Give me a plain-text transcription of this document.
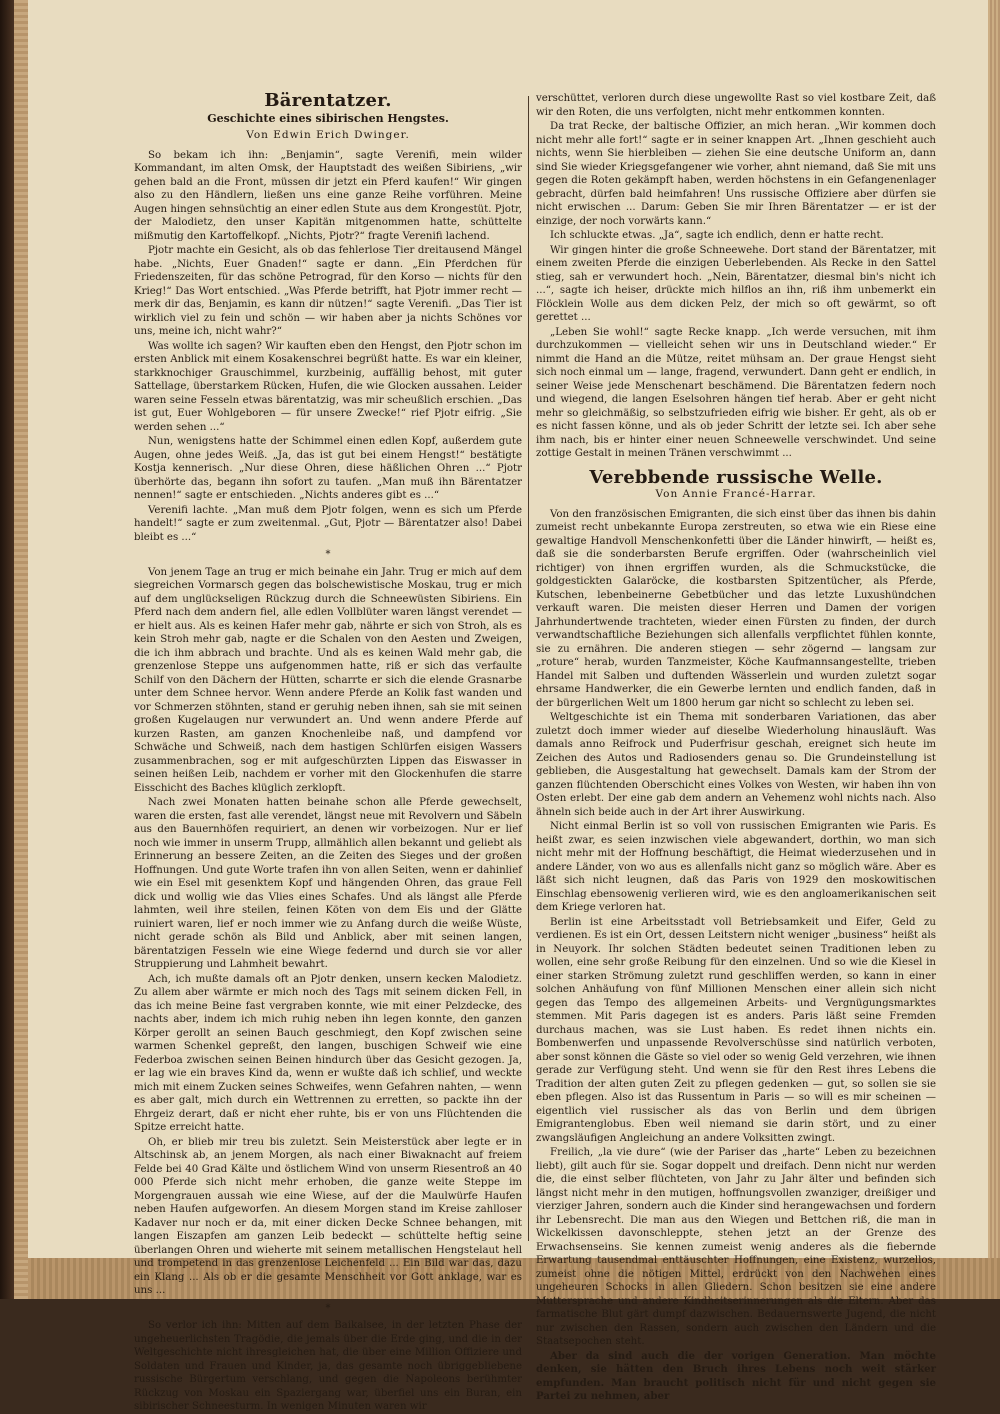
Bärentatzer.
Geschichte eines sibirischen Hengstes.
Von Edwin Erich Dwinger.

So bekam ich ihn: „Benjamin“, sagte Verenifi, mein wilder Kommandant, im alten Omsk, der Hauptstadt des weißen Sibiriens, „wir gehen bald an die Front, müssen dir jetzt ein Pferd kaufen!“ Wir gingen also zu den Händlern, ließen uns eine ganze Reihe vorführen. Meine Augen hingen sehnsüchtig an einer edlen Stute aus dem Krongestüt. Pjotr, der Malodietz, den unser Kapitän mitgenommen hatte, schüttelte mißmutig den Kartoffelkopf. „Nichts, Pjotr?“ fragte Verenifi lachend.

Pjotr machte ein Gesicht, als ob das fehlerlose Tier dreitausend Mängel habe. „Nichts, Euer Gnaden!“ sagte er dann. „Ein Pferdchen für Friedenszeiten, für das schöne Petrograd, für den Korso — nichts für den Krieg!“ Das Wort entschied. „Was Pferde betrifft, hat Pjotr immer recht — merk dir das, Benjamin, es kann dir nützen!“ sagte Verenifi. „Das Tier ist wirklich viel zu fein und schön — wir haben aber ja nichts Schönes vor uns, meine ich, nicht wahr?“

Was wollte ich sagen? Wir kauften eben den Hengst, den Pjotr schon im ersten Anblick mit einem Kosakenschrei begrüßt hatte. Es war ein kleiner, starkknochiger Grauschimmel, kurzbeinig, auffällig behost, mit guter Sattellage, überstarkem Rücken, Hufen, die wie Glocken aussahen. Leider waren seine Fesseln etwas bärentatzig, was mir scheußlich erschien. „Das ist gut, Euer Wohlgeboren — für unsere Zwecke!“ rief Pjotr eifrig. „Sie werden sehen ...“

Nun, wenigstens hatte der Schimmel einen edlen Kopf, außerdem gute Augen, ohne jedes Weiß. „Ja, das ist gut bei einem Hengst!“ bestätigte Kostja kennerisch. „Nur diese Ohren, diese häßlichen Ohren ...“ Pjotr überhörte das, begann ihn sofort zu taufen. „Man muß ihn Bärentatzer nennen!“ sagte er entschieden. „Nichts anderes gibt es ...“

Verenifi lachte. „Man muß dem Pjotr folgen, wenn es sich um Pferde handelt!“ sagte er zum zweitenmal. „Gut, Pjotr — Bärentatzer also! Dabei bleibt es ...“

*

Von jenem Tage an trug er mich beinahe ein Jahr. Trug er mich auf dem siegreichen Vormarsch gegen das bolschewistische Moskau, trug er mich auf dem unglückseligen Rückzug durch die Schneewüsten Sibiriens. Ein Pferd nach dem andern fiel, alle edlen Vollblüter waren längst verendet — er hielt aus. Als es keinen Hafer mehr gab, nährte er sich von Stroh, als es kein Stroh mehr gab, nagte er die Schalen von den Aesten und Zweigen, die ich ihm abbrach und brachte. Und als es keinen Wald mehr gab, die grenzenlose Steppe uns aufgenommen hatte, riß er sich das verfaulte Schilf von den Dächern der Hütten, scharrte er sich die elende Grasnarbe unter dem Schnee hervor. Wenn andere Pferde an Kolik fast wanden und vor Schmerzen stöhnten, stand er geruhig neben ihnen, sah sie mit seinen großen Kugelaugen nur verwundert an. Und wenn andere Pferde auf kurzen Rasten, am ganzen Knochenleibe naß, und dampfend vor Schwäche und Schweiß, nach dem hastigen Schlürfen eisigen Wassers zusammenbrachen, sog er mit aufgeschürzten Lippen das Eiswasser in seinen heißen Leib, nachdem er vorher mit den Glockenhufen die starre Eisschicht des Baches klüglich zerklopft.

Nach zwei Monaten hatten beinahe schon alle Pferde gewechselt, waren die ersten, fast alle verendet, längst neue mit Revolvern und Säbeln aus den Bauernhöfen requiriert, an denen wir vorbeizogen. Nur er lief noch wie immer in unserm Trupp, allmählich allen bekannt und geliebt als Erinnerung an bessere Zeiten, an die Zeiten des Sieges und der großen Hoffnungen. Und gute Worte trafen ihn von allen Seiten, wenn er dahinlief wie ein Esel mit gesenktem Kopf und hängenden Ohren, das graue Fell dick und wollig wie das Vlies eines Schafes. Und als längst alle Pferde lahmten, weil ihre steilen, feinen Köten von dem Eis und der Glätte ruiniert waren, lief er noch immer wie zu Anfang durch die weiße Wüste, nicht gerade schön als Bild und Anblick, aber mit seinen langen, bärentatzigen Fesseln wie eine Wiege federnd und durch sie vor aller Struppierung und Lahmheit bewahrt.

Ach, ich mußte damals oft an Pjotr denken, unsern kecken Malodietz. Zu allem aber wärmte er mich noch des Tags mit seinem dicken Fell, in das ich meine Beine fast vergraben konnte, wie mit einer Pelzdecke, des nachts aber, indem ich mich ruhig neben ihn legen konnte, den ganzen Körper gerollt an seinen Bauch geschmiegt, den Kopf zwischen seine warmen Schenkel gepreßt, den langen, buschigen Schweif wie eine Federboa zwischen seinen Beinen hindurch über das Gesicht gezogen. Ja, er lag wie ein braves Kind da, wenn er wußte daß ich schlief, und weckte mich mit einem Zucken seines Schweifes, wenn Gefahren nahten, — wenn es aber galt, mich durch ein Wettrennen zu erretten, so packte ihn der Ehrgeiz derart, daß er nicht eher ruhte, bis er von uns Flüchtenden die Spitze erreicht hatte.

Oh, er blieb mir treu bis zuletzt. Sein Meisterstück aber legte er in Altschinsk ab, an jenem Morgen, als nach einer Biwaknacht auf freiem Felde bei 40 Grad Kälte und östlichem Wind von unserm Riesentroß an 40 000 Pferde sich nicht mehr erhoben, die ganze weite Steppe im Morgengrauen aussah wie eine Wiese, auf der die Maulwürfe Haufen neben Haufen aufgeworfen. An diesem Morgen stand im Kreise zahlloser Kadaver nur noch er da, mit einer dicken Decke Schnee behangen, mit langen Eiszapfen am ganzen Leib bedeckt — schüttelte heftig seine überlangen Ohren und wieherte mit seinem metallischen Hengstelaut hell und trompetend in das grenzenlose Leichenfeld ... Ein Bild war das, dazu ein Klang ... Als ob er die gesamte Menschheit vor Gott anklage, war es uns ...

*

So verlor ich ihn: Mitten auf dem Baikalsee, in der letzten Phase der ungeheuerlichsten Tragödie, die jemals über die Erde ging, und die in der Weltgeschichte nicht ihresgleichen hat, die über eine Million Offiziere und Soldaten und Frauen und Kinder, ja, das gesamte noch übriggebliebene russische Bürgertum verschlang, und gegen die Napoleons berühmter Rückzug von Moskau ein Spaziergang war, überfiel uns ein Buran, ein sibirischer Schneesturm. In wenigen Minuten waren wir

verschüttet, verloren durch diese ungewollte Rast so viel kostbare Zeit, daß wir den Roten, die uns verfolgten, nicht mehr entkommen konnten.

Da trat Recke, der baltische Offizier, an mich heran. „Wir kommen doch nicht mehr alle fort!“ sagte er in seiner knappen Art. „Ihnen geschieht auch nichts, wenn Sie hierbleiben — ziehen Sie eine deutsche Uniform an, dann sind Sie wieder Kriegsgefangener wie vorher, ahnt niemand, daß Sie mit uns gegen die Roten gekämpft haben, werden höchstens in ein Gefangenenlager gebracht, dürfen bald heimfahren! Uns russische Offiziere aber dürfen sie nicht erwischen ... Darum: Geben Sie mir Ihren Bärentatzer — er ist der einzige, der noch vorwärts kann.“

Ich schluckte etwas. „Ja“, sagte ich endlich, denn er hatte recht.

Wir gingen hinter die große Schneewehe. Dort stand der Bärentatzer, mit einem zweiten Pferde die einzigen Ueberlebenden. Als Recke in den Sattel stieg, sah er verwundert hoch. „Nein, Bärentatzer, diesmal bin's nicht ich ...“, sagte ich heiser, drückte mich hilflos an ihn, riß ihm unbemerkt ein Flöcklein Wolle aus dem dicken Pelz, der mich so oft gewärmt, so oft gerettet ...

„Leben Sie wohl!“ sagte Recke knapp. „Ich werde versuchen, mit ihm durchzukommen — vielleicht sehen wir uns in Deutschland wieder.“ Er nimmt die Hand an die Mütze, reitet mühsam an. Der graue Hengst sieht sich noch einmal um — lange, fragend, verwundert. Dann geht er endlich, in seiner Weise jede Menschenart beschämend. Die Bärentatzen federn noch und wiegend, die langen Eselsohren hängen tief herab. Aber er geht nicht mehr so gleichmäßig, so selbstzufrieden eifrig wie bisher. Er geht, als ob er es nicht fassen könne, und als ob jeder Schritt der letzte sei. Ich aber sehe ihm nach, bis er hinter einer neuen Schneewelle verschwindet. Und seine zottige Gestalt in meinen Tränen verschwimmt ...

Verebbende russische Welle.
Von Annie Francé-Harrar.

Von den französischen Emigranten, die sich einst über das ihnen bis dahin zumeist recht unbekannte Europa zerstreuten, so etwa wie ein Riese eine gewaltige Handvoll Menschenkonfetti über die Länder hinwirft, — heißt es, daß sie die sonderbarsten Berufe ergriffen. Oder (wahrscheinlich viel richtiger) von ihnen ergriffen wurden, als die Schmuckstücke, die goldgestickten Galaröcke, die kostbarsten Spitzentücher, als Pferde, Kutschen, lebenbeinerne Gebetbücher und das letzte Luxushündchen verkauft waren. Die meisten dieser Herren und Damen der vorigen Jahrhundertwende trachteten, wieder einen Fürsten zu finden, der durch verwandtschaftliche Beziehungen sich allenfalls verpflichtet fühlen konnte, sie zu ernähren. Die anderen stiegen — sehr zögernd — langsam zur „roture“ herab, wurden Tanzmeister, Köche Kaufmannsangestellte, trieben Handel mit Salben und duftenden Wässerlein und wurden zuletzt sogar ehrsame Handwerker, die ein Gewerbe lernten und endlich fanden, daß in der bürgerlichen Welt um 1800 herum gar nicht so schlecht zu leben sei.

Weltgeschichte ist ein Thema mit sonderbaren Variationen, das aber zuletzt doch immer wieder auf dieselbe Wiederholung hinausläuft. Was damals anno Reifrock und Puderfrisur geschah, ereignet sich heute im Zeichen des Autos und Radiosenders genau so. Die Grundeinstellung ist geblieben, die Ausgestaltung hat gewechselt. Damals kam der Strom der ganzen flüchtenden Oberschicht eines Volkes von Westen, wir haben ihn von Osten erlebt. Der eine gab dem andern an Vehemenz wohl nichts nach. Also ähneln sich beide auch in der Art ihrer Auswirkung.

Nicht einmal Berlin ist so voll von russischen Emigranten wie Paris. Es heißt zwar, es seien inzwischen viele abgewandert, dorthin, wo man sich nicht mehr mit der Hoffnung beschäftigt, die Heimat wiederzusehen und in andere Länder, von wo aus es allenfalls nicht ganz so möglich wäre. Aber es läßt sich nicht leugnen, daß das Paris von 1929 den moskowitischen Einschlag ebensowenig verlieren wird, wie es den angloamerikanischen seit dem Kriege verloren hat.

Berlin ist eine Arbeitsstadt voll Betriebsamkeit und Eifer, Geld zu verdienen. Es ist ein Ort, dessen Leitstern nicht weniger „business“ heißt als in Neuyork. Ihr solchen Städten bedeutet seinen Traditionen leben zu wollen, eine sehr große Reibung für den einzelnen. Und so wie die Kiesel in einer starken Strömung zuletzt rund geschliffen werden, so kann in einer solchen Anhäufung von fünf Millionen Menschen einer allein sich nicht gegen das Tempo des allgemeinen Arbeits- und Vergnügungsmarktes stemmen. Mit Paris dagegen ist es anders. Paris läßt seine Fremden durchaus machen, was sie Lust haben. Es redet ihnen nichts ein. Bombenwerfen und unpassende Revolverschüsse sind natürlich verboten, aber sonst können die Gäste so viel oder so wenig Geld verzehren, wie ihnen gerade zur Verfügung steht. Und wenn sie für den Rest ihres Lebens die Tradition der alten guten Zeit zu pflegen gedenken — gut, so sollen sie sie eben pflegen. Also ist das Russentum in Paris — so will es mir scheinen — eigentlich viel russischer als das von Berlin und dem übrigen Emigrantenglobus. Eben weil niemand sie darin stört, und zu einer zwangsläufigen Angleichung an andere Volksitten zwingt.

Freilich, „la vie dure“ (wie der Pariser das „harte“ Leben zu bezeichnen liebt), gilt auch für sie. Sogar doppelt und dreifach. Denn nicht nur werden die, die einst selber flüchteten, von Jahr zu Jahr älter und befinden sich längst nicht mehr in den mutigen, hoffnungsvollen zwanziger, dreißiger und vierziger Jahren, sondern auch die Kinder sind herangewachsen und fordern ihr Lebensrecht. Die man aus den Wiegen und Bettchen riß, die man in Wickelkissen davonschleppte, stehen jetzt an der Grenze des Erwachsenseins. Sie kennen zumeist wenig anderes als die fiebernde Erwartung tausendmal enttäuschter Hoffnungen, eine Existenz, wurzellos, zumeist ohne die nötigen Mittel, erdrückt von den Nachwehen eines ungeheuren Schocks in allen Gliedern. Schon besitzen sie eine andere Muttersprache und andere Kindheitserinnerungen als die Eltern. Aber das farmatische Blut gärt dumpf dazwischen. Bedauernswerte Jugend, die nicht nur zwischen den Rassen, sondern auch zwischen den Ländern und die Staatsepochen steht.

Aber da sind auch die der vorigen Generation. Man möchte denken, sie hätten den Bruch ihres Lebens noch weit stärker empfunden. Man braucht politisch nicht für und nicht gegen sie Partei zu nehmen, aber
